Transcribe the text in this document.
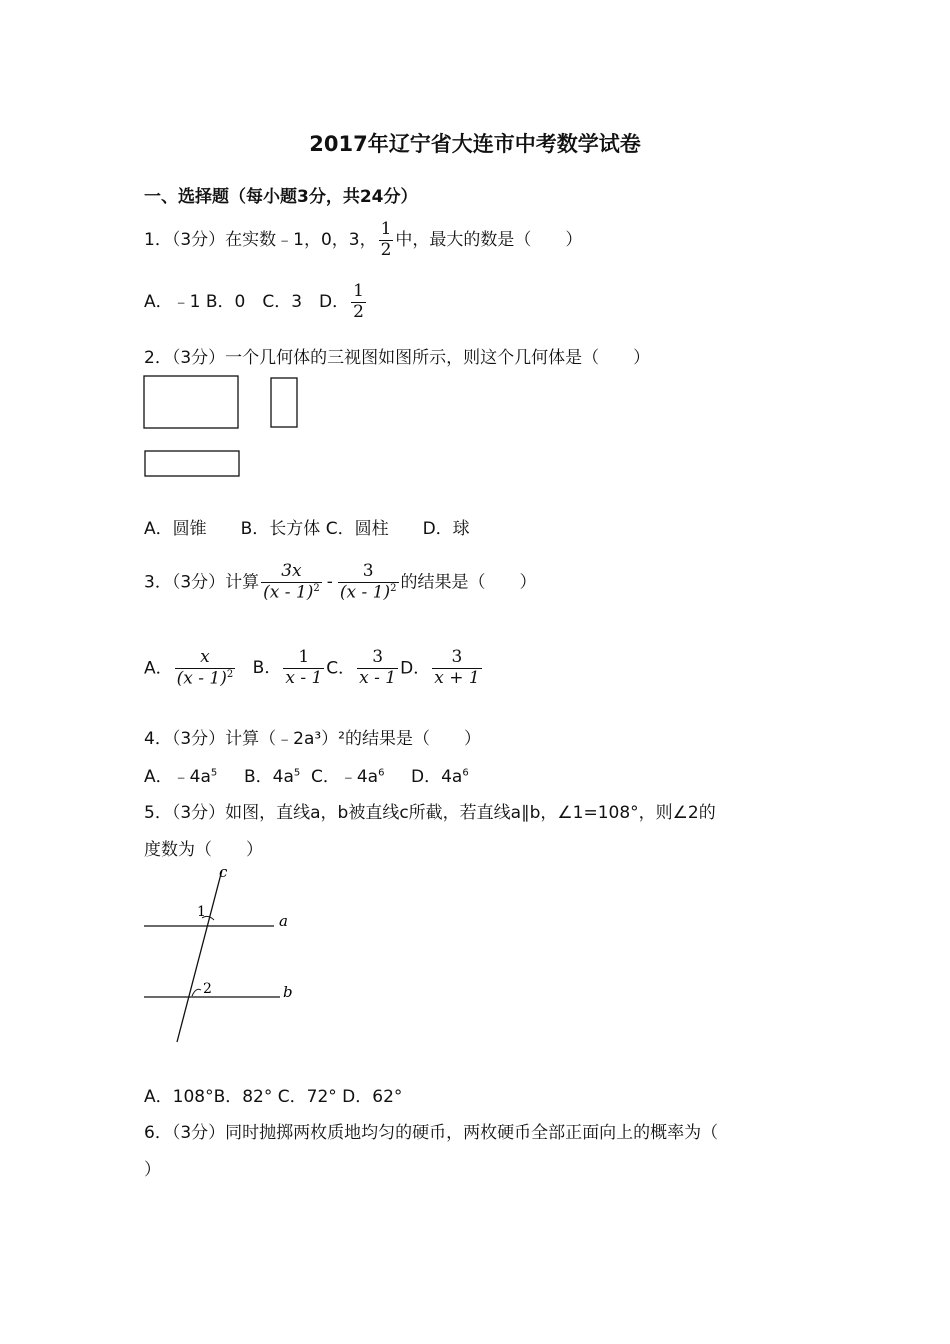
2017年辽宁省大连市中考数学试卷
一、选择题（每小题3分，共24分）
1．（3分）在实数﹣1，0，3， $\frac{1}{2}$ 中，最大的数是（　　）
A．﹣1 B．0　C．3　D． $\frac{1}{2}$
2．（3分）一个几何体的三视图如图所示，则这个几何体是（　　）
A．圆锥　　B．长方体 C．圆柱　　D．球
3．（3分）计算 $\frac{3x}{(x - 1)^2} - \frac{3}{(x - 1)^2}$ 的结果是（　　）
A． $\frac{x}{(x - 1)^2}$ B． $\frac{1}{x - 1}$ C． $\frac{3}{x - 1}$ D． $\frac{3}{x + 1}$
4．（3分）计算（﹣2a³）²的结果是（　　）
A．$﹣4a^5$ B．$4a^5$ C．$﹣4a^6$ D．$4a^6$
5．（3分）如图，直线a，b被直线c所截，若直线a∥b，∠1=108°，则∠2的
度数为（　　）
c
a
b
1
2
A．108°B．82° C．72° D．62°
6．（3分）同时抛掷两枚质地均匀的硬币，两枚硬币全部正面向上的概率为（
）
